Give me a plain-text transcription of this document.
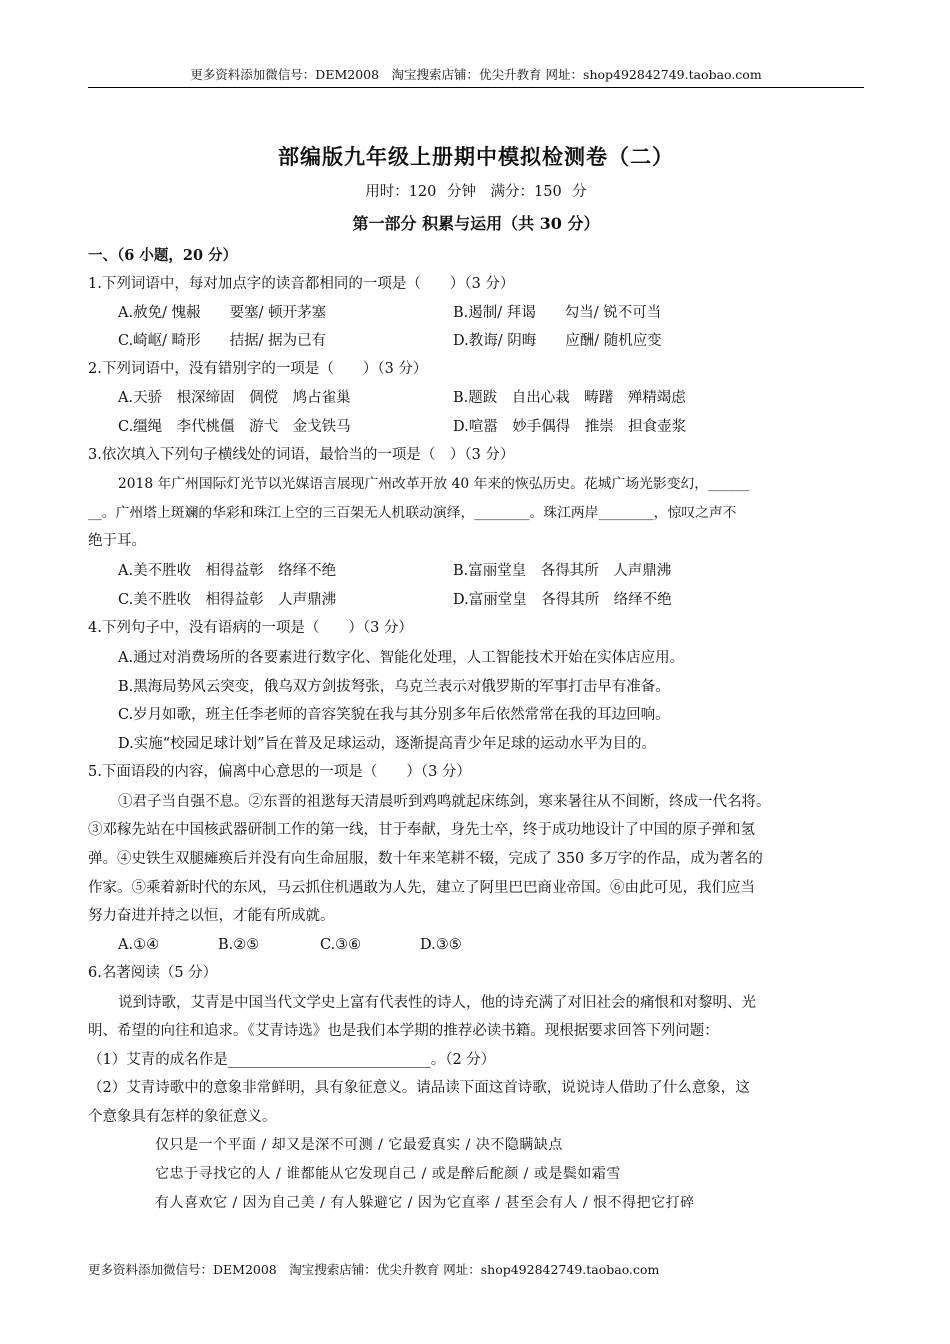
更多资料添加微信号：DEM2008　淘宝搜索店铺：优尖升教育 网址：shop492842749.taobao.com
部编版九年级上册期中模拟检测卷（二）
用时：120 分钟　满分：150 分
第一部分 积累与运用（共 30 分）
一、（6 小题，20 分）
1.下列词语中，每对加点字的读音都相同的一项是（　　）（3 分）
A.赦免/ 愧赧　　要塞/ 顿开茅塞	B.遏制/ 拜谒　　勾当/ 锐不可当
C.崎岖/ 畸形　　拮据/ 据为已有	D.教诲/ 阴晦　　应酬/ 随机应变
2.下列词语中，没有错别字的一项是（　　）（3 分）
A.天骄　根深缔固　倜傥　鸠占雀巢	B.题跋　自出心栽　畴躇　殚精竭虑
C.缰绳　李代桃僵　游弋　金戈铁马	D.喧嚣　妙手偶得　推崇　担食壶浆
3.依次填入下列句子横线处的词语，最恰当的一项是（　）（3 分）
2018 年广州国际灯光节以光媒语言展现广州改革开放 40 年来的恢弘历史。花城广场光影变幻，______
__。广州塔上斑斓的华彩和珠江上空的三百架无人机联动演绎，________。珠江两岸________，惊叹之声不
绝于耳。
A.美不胜收　相得益彰　络绎不绝	B.富丽堂皇　各得其所　人声鼎沸
C.美不胜收　相得益彰　人声鼎沸	D.富丽堂皇　各得其所　络绎不绝
4.下列句子中，没有语病的一项是（　　）（3 分）
A.通过对消费场所的各要素进行数字化、智能化处理，人工智能技术开始在实体店应用。
B.黑海局势风云突变，俄乌双方剑拔弩张，乌克兰表示对俄罗斯的军事打击早有准备。
C.岁月如歌，班主任李老师的音容笑貌在我与其分别多年后依然常常在我的耳边回响。
D.实施“校园足球计划”旨在普及足球运动，逐渐提高青少年足球的运动水平为目的。
5.下面语段的内容，偏离中心意思的一项是（　　）（3 分）
①君子当自强不息。②东晋的祖逖每天清晨听到鸡鸣就起床练剑，寒来暑往从不间断，终成一代名将。
③邓稼先站在中国核武器研制工作的第一线，甘于奉献，身先士卒，终于成功地设计了中国的原子弹和氢
弹。④史铁生双腿瘫痪后并没有向生命屈服，数十年来笔耕不辍，完成了 350 多万字的作品，成为著名的
作家。⑤乘着新时代的东风，马云抓住机遇敢为人先，建立了阿里巴巴商业帝国。⑥由此可见，我们应当
努力奋进并持之以恒，才能有所成就。
A.①④	B.②⑤	C.③⑥	D.③⑤
6.名著阅读（5 分）
说到诗歌，艾青是中国当代文学史上富有代表性的诗人，他的诗充满了对旧社会的痛恨和对黎明、光
明、希望的向往和追求。《艾青诗选》也是我们本学期的推荐必读书籍。现根据要求回答下列问题：
（1）艾青的成名作是____________________________。（2 分）
（2）艾青诗歌中的意象非常鲜明，具有象征意义。请品读下面这首诗歌，说说诗人借助了什么意象，这
个意象具有怎样的象征意义。
仅只是一个平面 / 却又是深不可测 / 它最爱真实 / 决不隐瞒缺点
它忠于寻找它的人 / 谁都能从它发现自己 / 或是醉后酡颜 / 或是鬓如霜雪
有人喜欢它 / 因为自己美 / 有人躲避它 / 因为它直率 / 甚至会有人 / 恨不得把它打碎
更多资料添加微信号：DEM2008　淘宝搜索店铺：优尖升教育 网址：shop492842749.taobao.com
